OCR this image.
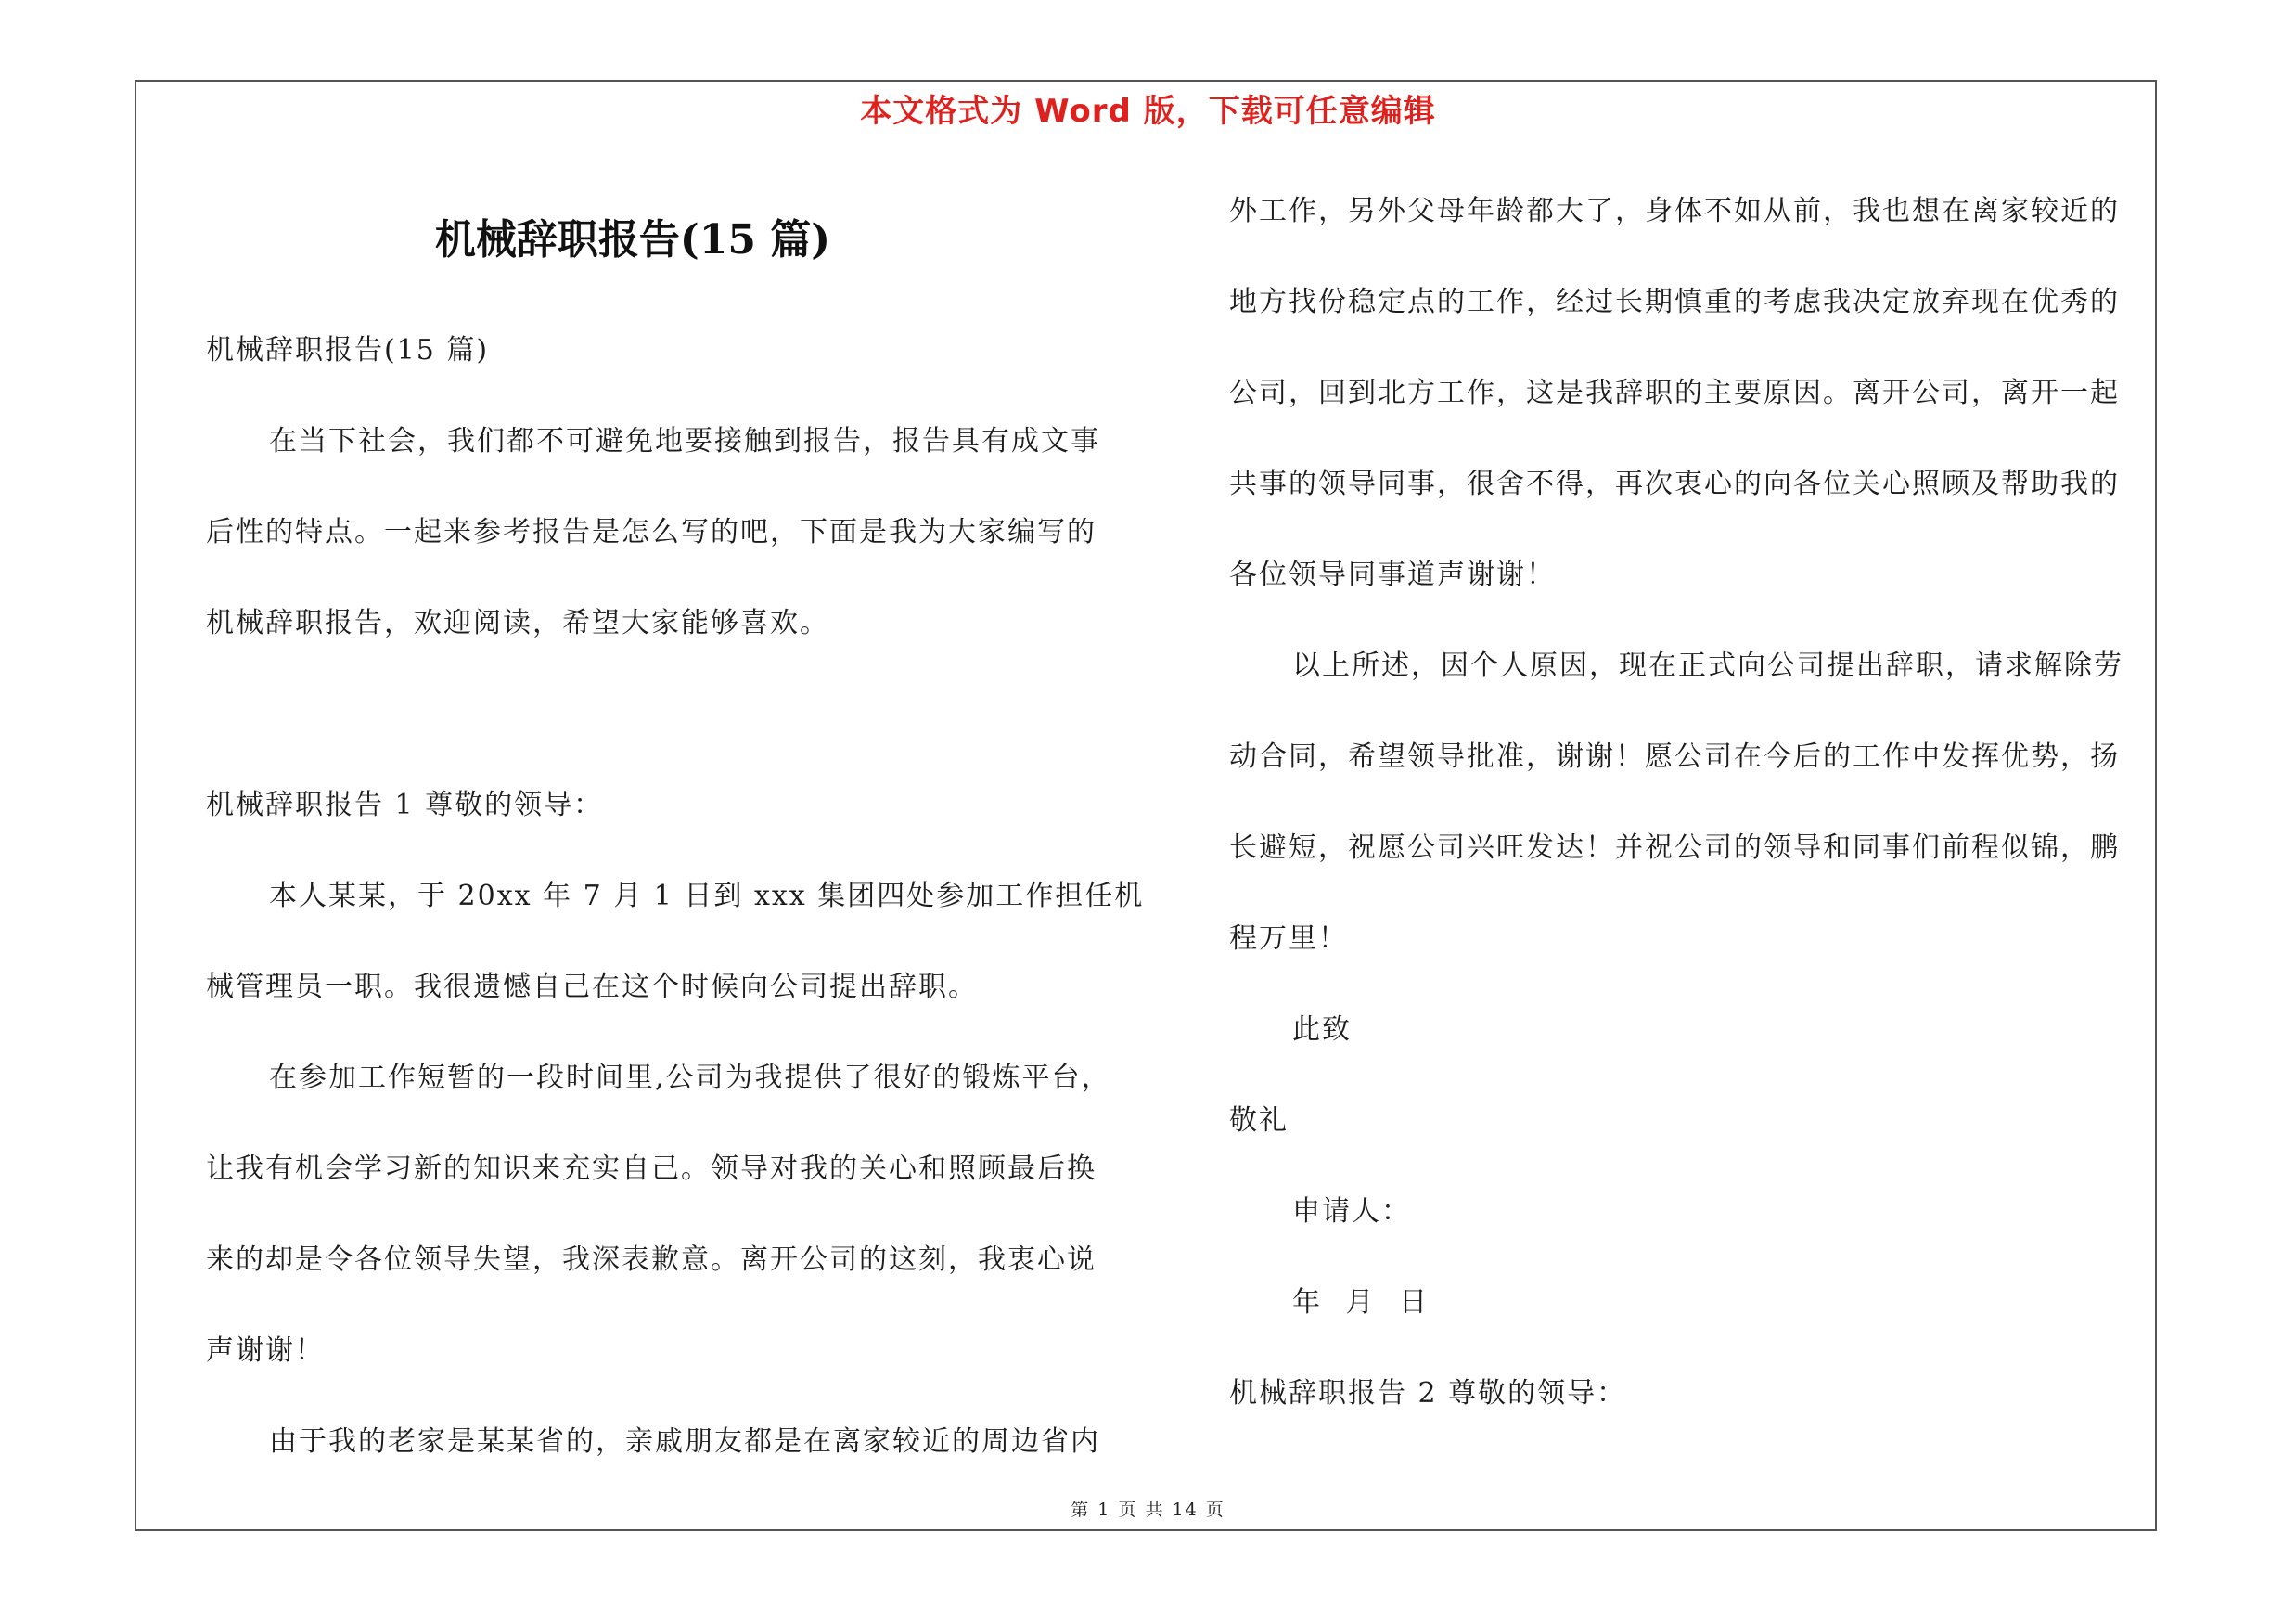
本文格式为 Word 版，下载可任意编辑
机械辞职报告(15 篇)
机械辞职报告(15 篇)
在当下社会，我们都不可避免地要接触到报告，报告具有成文事
后性的特点。一起来参考报告是怎么写的吧，下面是我为大家编写的
机械辞职报告，欢迎阅读，希望大家能够喜欢。
机械辞职报告 1 尊敬的领导：
本人某某，于 20xx 年 7 月 1 日到 xxx 集团四处参加工作担任机
械管理员一职。我很遗憾自己在这个时候向公司提出辞职。
在参加工作短暂的一段时间里,公司为我提供了很好的锻炼平台，
让我有机会学习新的知识来充实自己。领导对我的关心和照顾最后换
来的却是令各位领导失望，我深表歉意。离开公司的这刻，我衷心说
声谢谢！
由于我的老家是某某省的，亲戚朋友都是在离家较近的周边省内
外工作，另外父母年龄都大了，身体不如从前，我也想在离家较近的
地方找份稳定点的工作，经过长期慎重的考虑我决定放弃现在优秀的
公司，回到北方工作，这是我辞职的主要原因。离开公司，离开一起
共事的领导同事，很舍不得，再次衷心的向各位关心照顾及帮助我的
各位领导同事道声谢谢！
以上所述，因个人原因，现在正式向公司提出辞职，请求解除劳
动合同，希望领导批准，谢谢！愿公司在今后的工作中发挥优势，扬
长避短，祝愿公司兴旺发达！并祝公司的领导和同事们前程似锦，鹏
程万里！
此致
敬礼
申请人：
年 月 日
机械辞职报告 2 尊敬的领导：
第 1 页 共 14 页
